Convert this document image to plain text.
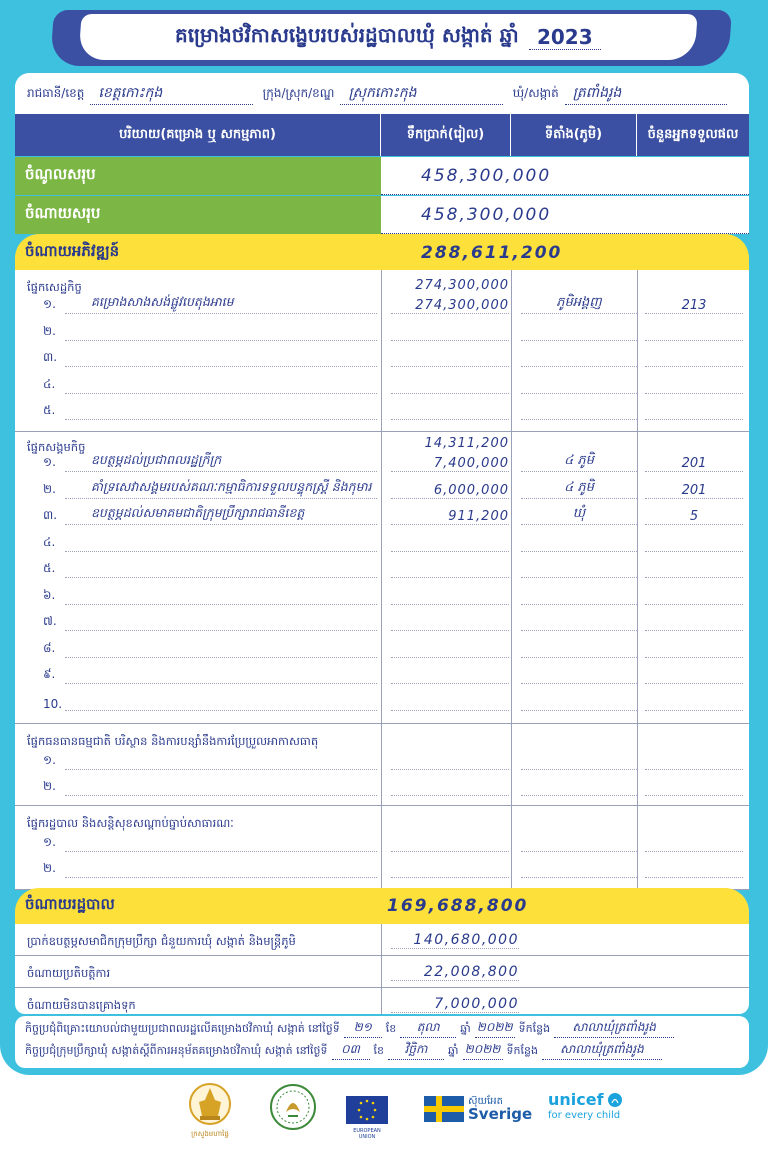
គម្រោងថវិកាសង្ខេបរបស់រដ្ឋបាលឃុំ សង្កាត់ ឆ្នាំ 2023
រាជធានី/ខេត្ត	ខេត្តកោះកុង	ក្រុង/ស្រុក/ខណ្ឌ	ស្រុកកោះកុង	ឃុំ/សង្កាត់	ត្រពាំងរូង
បរិយាយ(គម្រោង ឬ សកម្មភាព)	ទឹកប្រាក់(រៀល)	ទីតាំង(ភូមិ)	ចំនួនអ្នកទទួលផល
ចំណូលសរុប	458,300,000
ចំណាយសរុប	458,300,000
ចំណាយអភិវឌ្ឍន៍	288,611,200
ផ្នែកសេដ្ឋកិច្ច	274,300,000
១.	គម្រោងសាងសង់ផ្លូវបេតុងអាមេ	274,300,000	ភូមិអង្គញ	213
២.
៣.
៤.
៥.
ផ្នែកសង្គមកិច្ច	14,311,200
១.	ឧបត្ថម្ភដល់ប្រជាពលរដ្ឋក្រីក្រ	7,400,000	៤ ភូមិ	201
២.	គាំទ្រសេវាសង្គមរបស់គណៈកម្មាធិការទទួលបន្ទុកស្ត្រី និងកុមារ	6,000,000	៤ ភូមិ	201
៣.	ឧបត្ថម្ភដល់សមាគមជាតិក្រុមប្រឹក្សារាជធានីខេត្ត	911,200	ឃុំ	5
៤.
៥.
៦.
៧.
៨.
៩.
10.
ផ្នែកធនធានធម្មជាតិ បរិស្ថាន និងការបន្សាំនឹងការប្រែប្រួលអាកាសធាតុ
១.
២.
ផ្នែករដ្ឋបាល និងសន្តិសុខសណ្តាប់ធ្នាប់សាធារណៈ
១.
២.
ចំណាយរដ្ឋបាល	169,688,800
ប្រាក់ឧបត្ថម្ភសមាជិកក្រុមប្រឹក្សា ជំនួយការឃុំ សង្កាត់ និងមន្ត្រីភូមិ	140,680,000
ចំណាយប្រតិបត្តិការ	22,008,800
ចំណាយមិនបានគ្រោងទុក	7,000,000
កិច្ចប្រជុំពិគ្រោះយោបល់ជាមួយប្រជាពលរដ្ឋលើគម្រោងថវិកាឃុំ សង្កាត់ នៅថ្ងៃទី	២១	ខែ	តុលា	ឆ្នាំ ២០២២ ទីកន្លែង	សាលាឃុំត្រពាំងរូង
កិច្ចប្រជុំក្រុមប្រឹក្សាឃុំ សង្កាត់ស្តីពីការអនុម័តគម្រោងថវិកាឃុំ សង្កាត់ នៅថ្ងៃទី	០៣	ខែ	វិច្ឆិកា	ឆ្នាំ ២០២២ ទីកន្លែង	សាលាឃុំត្រពាំងរូង
ក្រសួងមហាផ្ទៃ	EUROPEAN UNION
ស៊ុយអែត
Sverige
unicef
for every child
